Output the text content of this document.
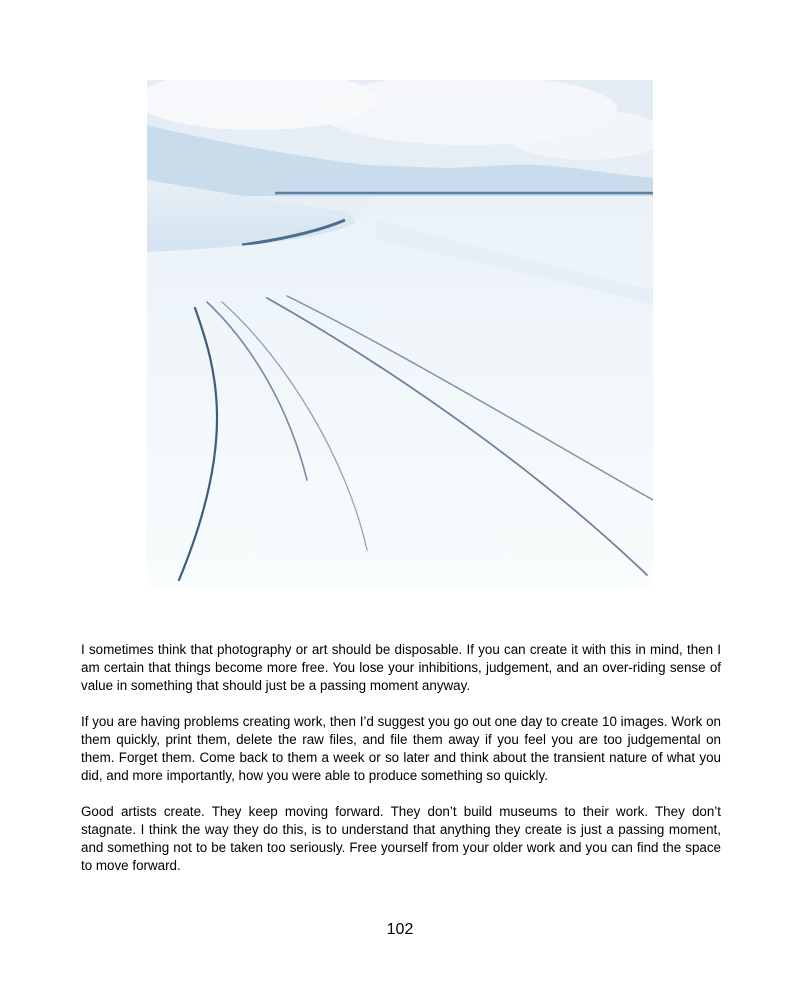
I sometimes think that photography or art should be disposable. If you can create it with this in mind, then I am certain that things become more free. You lose your inhibitions, judgement, and an over-riding sense of value in something that should just be a passing moment anyway.

If you are having problems creating work, then I’d suggest you go out one day to create 10 images. Work on them quickly, print them, delete the raw files, and file them away if you feel you are too judgemental on them. Forget them. Come back to them a week or so later and think about the transient nature of what you did, and more importantly, how you were able to produce something so quickly.

Good artists create. They keep moving forward. They don’t build museums to their work. They don’t stagnate. I think the way they do this, is to understand that anything they create is just a passing moment, and something not to be taken too seriously. Free yourself from your older work and you can find the space to move forward.

102
